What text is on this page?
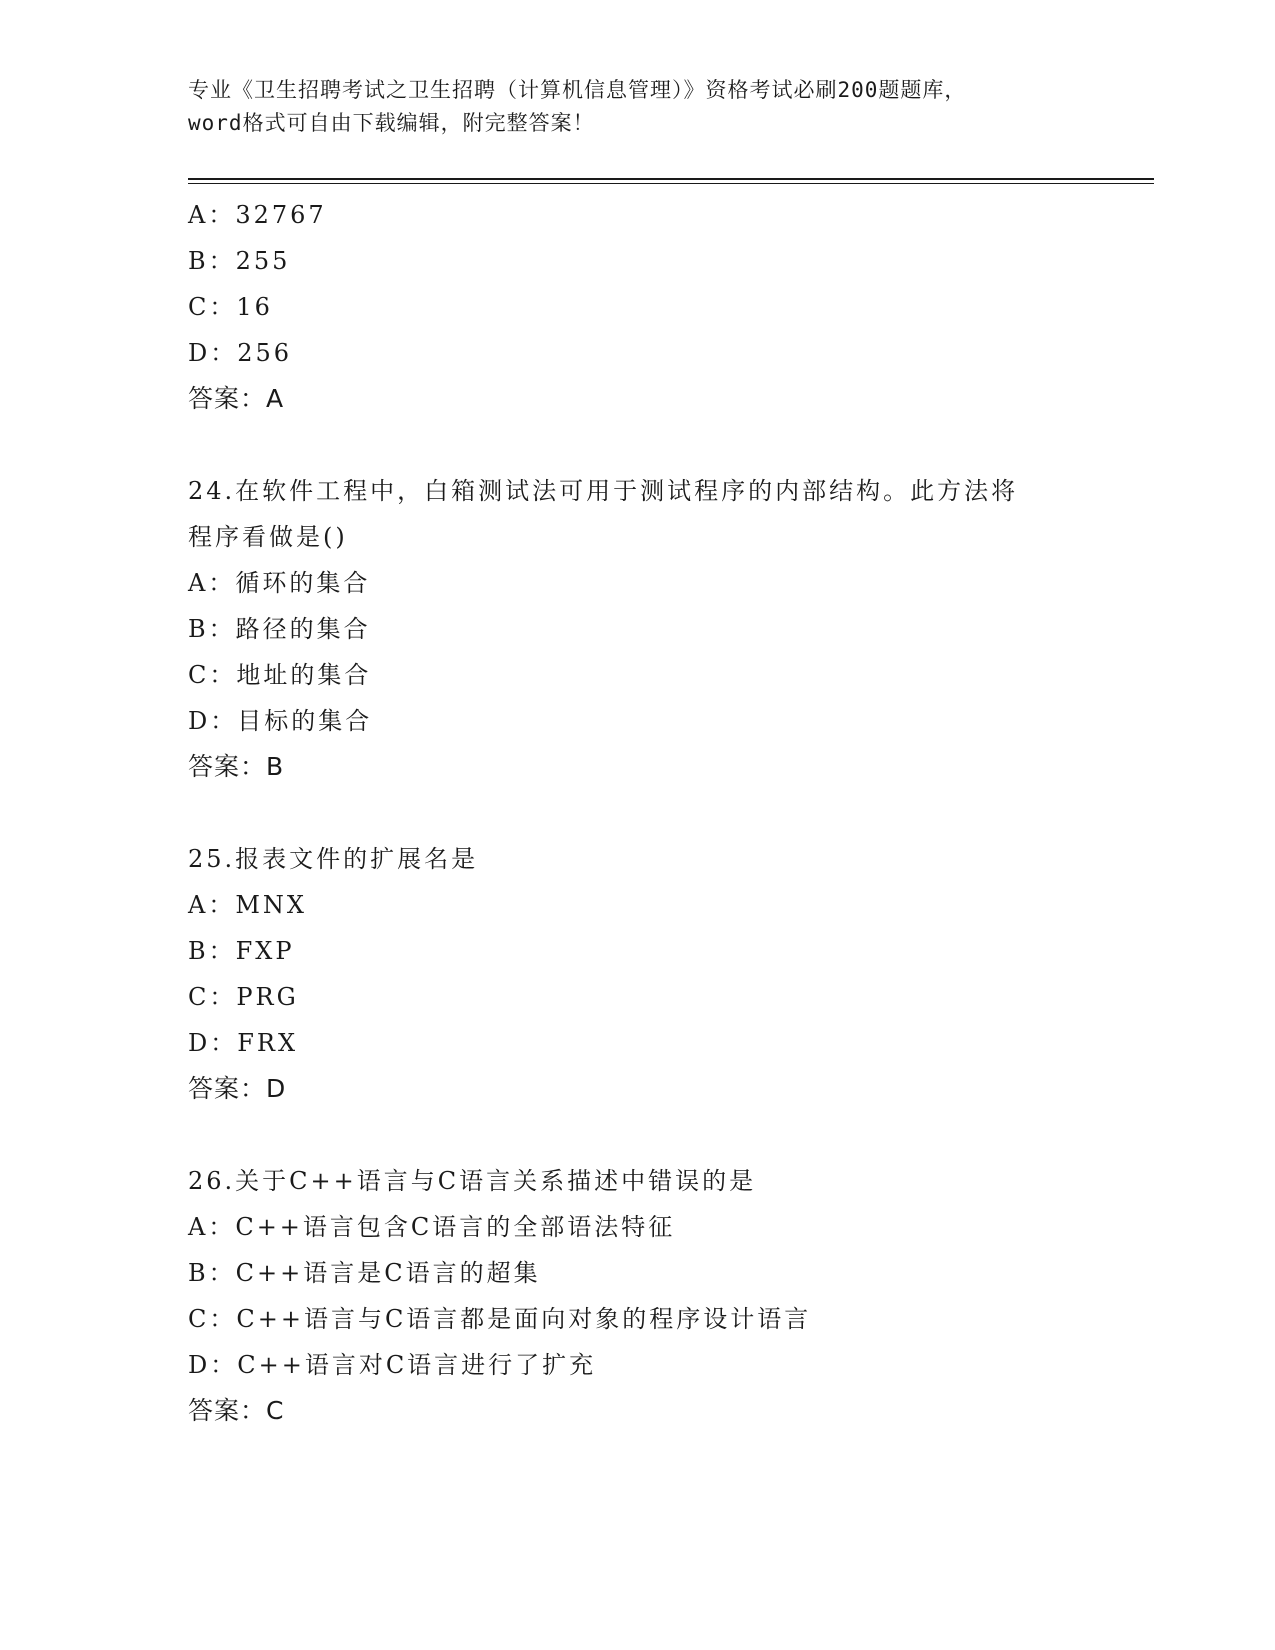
专业《卫生招聘考试之卫生招聘（计算机信息管理）》资格考试必刷200题题库，
word格式可自由下载编辑，附完整答案！
A：32767
B：255
C：16
D：256
答案：A
24.在软件工程中，白箱测试法可用于测试程序的内部结构。此方法将
程序看做是()
A：循环的集合
B：路径的集合
C：地址的集合
D：目标的集合
答案：B
25.报表文件的扩展名是
A：MNX
B：FXP
C：PRG
D：FRX
答案：D
26.关于C++语言与C语言关系描述中错误的是
A：C++语言包含C语言的全部语法特征
B：C++语言是C语言的超集
C：C++语言与C语言都是面向对象的程序设计语言
D：C++语言对C语言进行了扩充
答案：C
